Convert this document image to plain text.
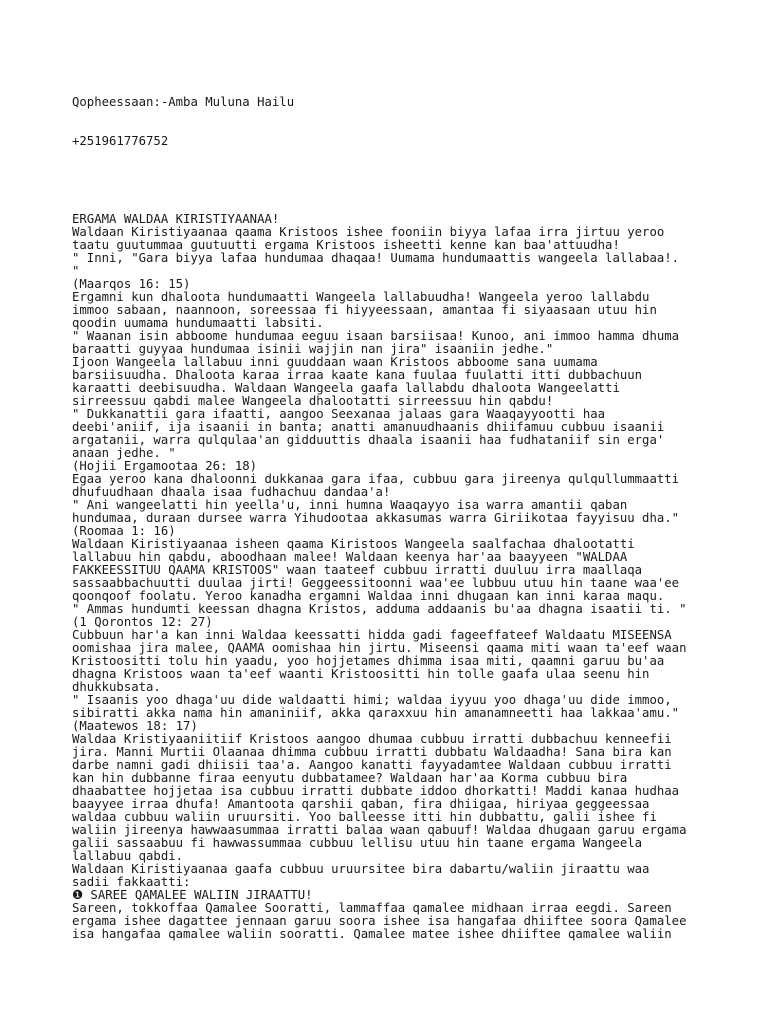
Qopheessaan:-Amba Muluna Hailu

+251961776752

ERGAMA WALDAA KIRISTIYAANAA!
Waldaan Kiristiyaanaa qaama Kristoos ishee fooniin biyya lafaa irra jirtuu yeroo
taatu guutummaa guutuutti ergama Kristoos isheetti kenne kan baa'attuudha!
" Inni, "Gara biyya lafaa hundumaa dhaqaa! Uumama hundumaattis wangeela lallabaa!.
"
(Maarqos 16: 15)
Ergamni kun dhaloota hundumaatti Wangeela lallabuudha! Wangeela yeroo lallabdu
immoo sabaan, naannoon, soreessaa fi hiyyeessaan, amantaa fi siyaasaan utuu hin
qoodin uumama hundumaatti labsiti.
" Waanan isin abboome hundumaa eeguu isaan barsiisaa! Kunoo, ani immoo hamma dhuma
baraatti guyyaa hundumaa isinii wajjin nan jira" isaaniin jedhe."
Ijoon Wangeela lallabuu inni guuddaan waan Kristoos abboome sana uumama
barsiisuudha. Dhaloota karaa irraa kaate kana fuulaa fuulatti itti dubbachuun
karaatti deebisuudha. Waldaan Wangeela gaafa lallabdu dhaloota Wangeelatti
sirreessuu qabdi malee Wangeela dhalootatti sirreessuu hin qabdu!
" Dukkanattii gara ifaatti, aangoo Seexanaa jalaas gara Waaqayyootti haa
deebi'aniif, ija isaanii in banta; anatti amanuudhaanis dhiifamuu cubbuu isaanii
argatanii, warra qulqulaa'an gidduuttis dhaala isaanii haa fudhataniif sin erga'
anaan jedhe. "
(Hojii Ergamootaa 26: 18)
Egaa yeroo kana dhaloonni dukkanaa gara ifaa, cubbuu gara jireenya qulqullummaatti
dhufuudhaan dhaala isaa fudhachuu dandaa'a!
" Ani wangeelatti hin yeella'u, inni humna Waaqayyo isa warra amantii qaban
hundumaa, duraan dursee warra Yihudootaa akkasumas warra Giriikotaa fayyisuu dha."
(Roomaa 1: 16)
Waldaan Kiristiyaanaa isheen qaama Kiristoos Wangeela saalfachaa dhalootatti
lallabuu hin qabdu, aboodhaan malee! Waldaan keenya har'aa baayyeen "WALDAA
FAKKEESSITUU QAAMA KRISTOOS" waan taateef cubbuu irratti duuluu irra maallaqa
sassaabbachuutti duulaa jirti! Geggeessitoonni waa'ee lubbuu utuu hin taane waa'ee
qoonqoof foolatu. Yeroo kanadha ergamni Waldaa inni dhugaan kan inni karaa maqu.
" Ammas hundumti keessan dhagna Kristos, adduma addaanis bu'aa dhagna isaatii ti. "
(1 Qorontos 12: 27)
Cubbuun har'a kan inni Waldaa keessatti hidda gadi fageeffateef Waldaatu MISEENSA
oomishaa jira malee, QAAMA oomishaa hin jirtu. Miseensi qaama miti waan ta'eef waan
Kristoositti tolu hin yaadu, yoo hojjetames dhimma isaa miti, qaamni garuu bu'aa
dhagna Kristoos waan ta'eef waanti Kristoositti hin tolle gaafa ulaa seenu hin
dhukkubsata.
" Isaanis yoo dhaga'uu dide waldaatti himi; waldaa iyyuu yoo dhaga'uu dide immoo,
sibiratti akka nama hin amaniniif, akka qaraxxuu hin amanamneetti haa lakkaa'amu."
(Maatewos 18: 17)
Waldaa Kristiyaaniitiif Kristoos aangoo dhumaa cubbuu irratti dubbachuu kenneefii
jira. Manni Murtii Olaanaa dhimma cubbuu irratti dubbatu Waldaadha! Sana bira kan
darbe namni gadi dhiisii taa'a. Aangoo kanatti fayyadamtee Waldaan cubbuu irratti
kan hin dubbanne firaa eenyutu dubbatamee? Waldaan har'aa Korma cubbuu bira
dhaabattee hojjetaa isa cubbuu irratti dubbate iddoo dhorkatti! Maddi kanaa hudhaa
baayyee irraa dhufa! Amantoota qarshii qaban, fira dhiigaa, hiriyaa geggeessaa
waldaa cubbuu waliin uruursiti. Yoo balleesse itti hin dubbattu, galii ishee fi
waliin jireenya hawwaasummaa irratti balaa waan qabuuf! Waldaa dhugaan garuu ergama
galii sassaabuu fi hawwassummaa cubbuu lellisu utuu hin taane ergama Wangeela
lallabuu qabdi.
Waldaan Kiristiyaanaa gaafa cubbuu uruursitee bira dabartu/waliin jiraattu waa
sadii fakkaatti:
❶ SAREE QAMALEE WALIIN JIRAATTU!
Sareen, tokkoffaa Qamalee Sooratti, lammaffaa qamalee midhaan irraa eegdi. Sareen
ergama ishee dagattee jennaan garuu soora ishee isa hangafaa dhiiftee soora Qamalee
isa hangafaa qamalee waliin sooratti. Qamalee matee ishee dhiiftee qamalee waliin
